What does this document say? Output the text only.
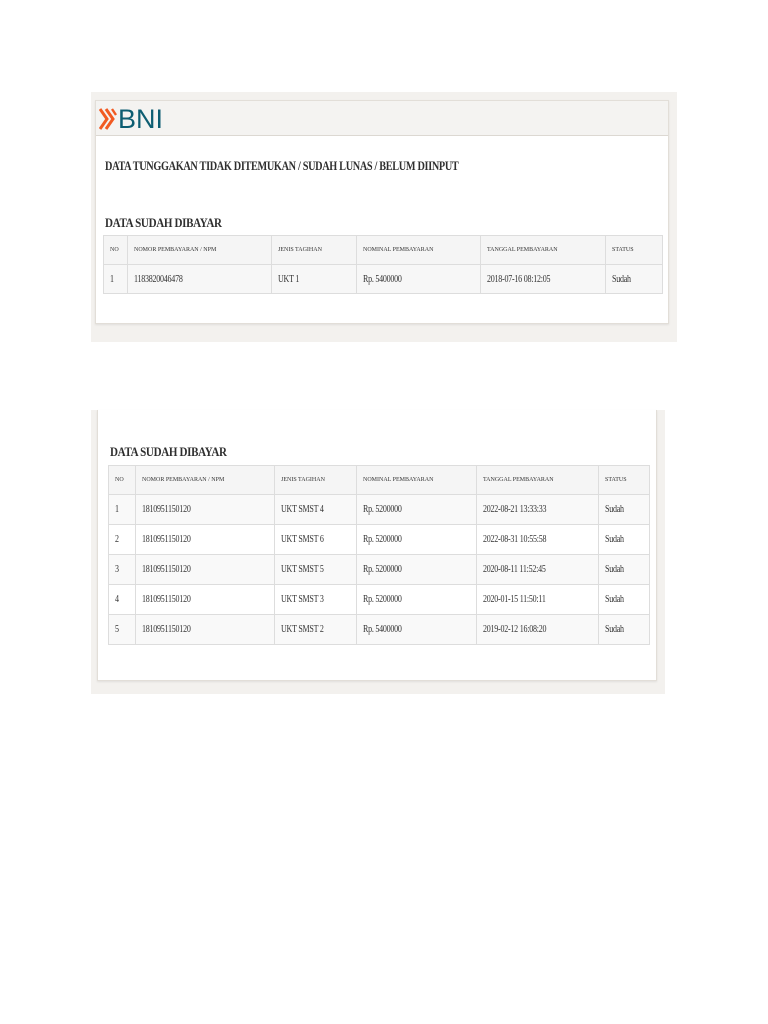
BNI
DATA TUNGGAKAN TIDAK DITEMUKAN / SUDAH LUNAS / BELUM DIINPUT
DATA SUDAH DIBAYAR
NO	NOMOR PEMBAYARAN / NPM	JENIS TAGIHAN	NOMINAL PEMBAYARAN	TANGGAL PEMBAYARAN	STATUS
1	1183820046478	UKT 1	Rp. 5400000	2018-07-16 08:12:05	Sudah
DATA SUDAH DIBAYAR
NO	NOMOR PEMBAYARAN / NPM	JENIS TAGIHAN	NOMINAL PEMBAYARAN	TANGGAL PEMBAYARAN	STATUS
1	1810951150120	UKT SMST 4	Rp. 5200000	2022-08-21 13:33:33	Sudah
2	1810951150120	UKT SMST 6	Rp. 5200000	2022-08-31 10:55:58	Sudah
3	1810951150120	UKT SMST 5	Rp. 5200000	2020-08-11 11:52:45	Sudah
4	1810951150120	UKT SMST 3	Rp. 5200000	2020-01-15 11:50:11	Sudah
5	1810951150120	UKT SMST 2	Rp. 5400000	2019-02-12 16:08:20	Sudah
